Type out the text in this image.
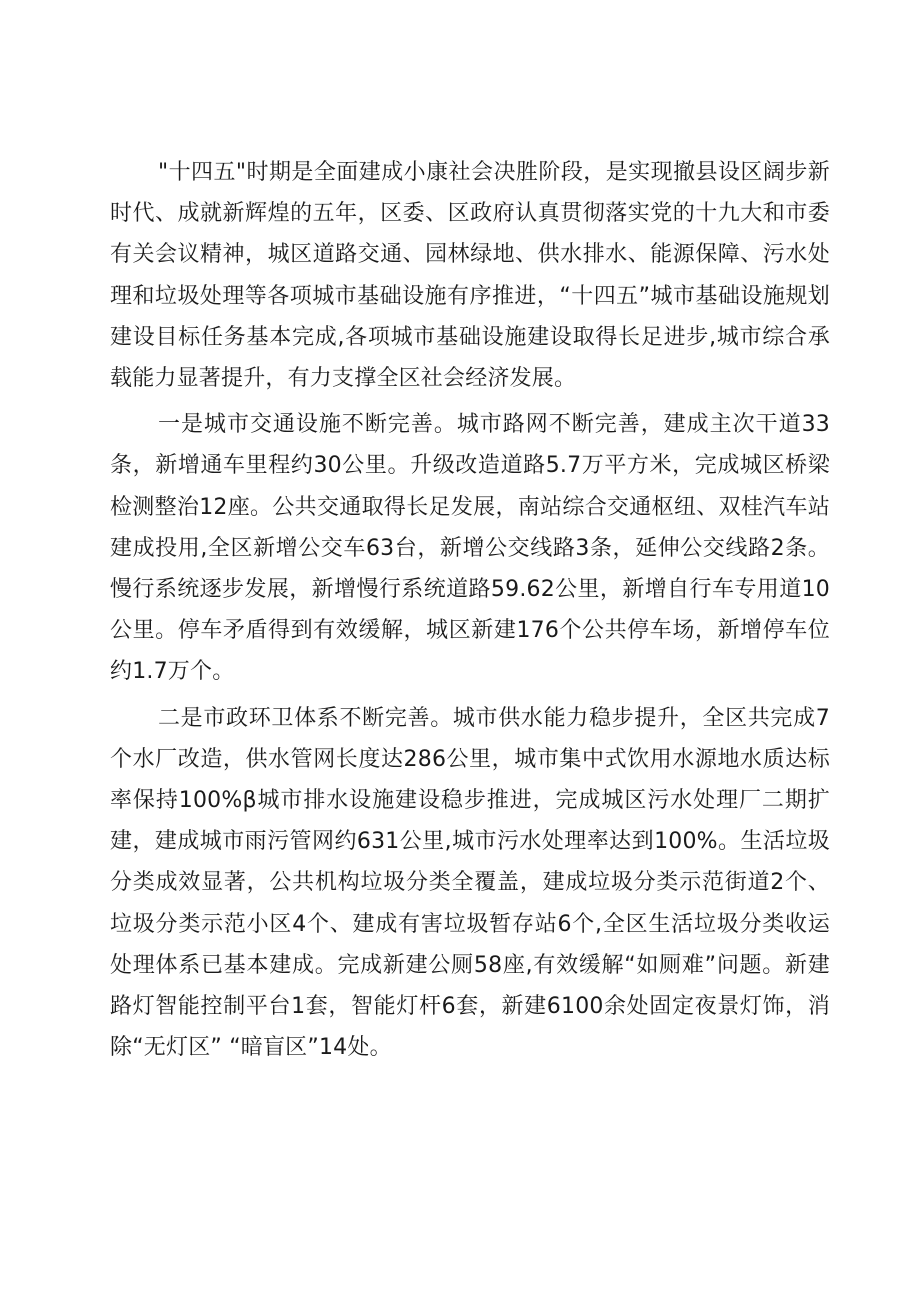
"十四五"时期是全面建成小康社会决胜阶段，是实现撤县设区阔步新时代、成就新辉煌的五年，区委、区政府认真贯彻落实党的十九大和市委有关会议精神，城区道路交通、园林绿地、供水排水、能源保障、污水处理和垃圾处理等各项城市基础设施有序推进，“十四五”城市基础设施规划建设目标任务基本完成,各项城市基础设施建设取得长足进步,城市综合承载能力显著提升，有力支撑全区社会经济发展。

一是城市交通设施不断完善。城市路网不断完善，建成主次干道33条，新增通车里程约30公里。升级改造道路5.7万平方米，完成城区桥梁检测整治12座。公共交通取得长足发展，南站综合交通枢纽、双桂汽车站建成投用,全区新增公交车63台，新增公交线路3条，延伸公交线路2条。慢行系统逐步发展，新增慢行系统道路59.62公里，新增自行车专用道10公里。停车矛盾得到有效缓解，城区新建176个公共停车场，新增停车位约1.7万个。

二是市政环卫体系不断完善。城市供水能力稳步提升，全区共完成7个水厂改造，供水管网长度达286公里，城市集中式饮用水源地水质达标率保持100%β城市排水设施建设稳步推进，完成城区污水处理厂二期扩建，建成城市雨污管网约631公里,城市污水处理率达到100%。生活垃圾分类成效显著，公共机构垃圾分类全覆盖，建成垃圾分类示范街道2个、垃圾分类示范小区4个、建成有害垃圾暂存站6个,全区生活垃圾分类收运处理体系已基本建成。完成新建公厕58座,有效缓解“如厕难”问题。新建路灯智能控制平台1套，智能灯杆6套，新建6100余处固定夜景灯饰，消除“无灯区” “暗盲区”14处。
